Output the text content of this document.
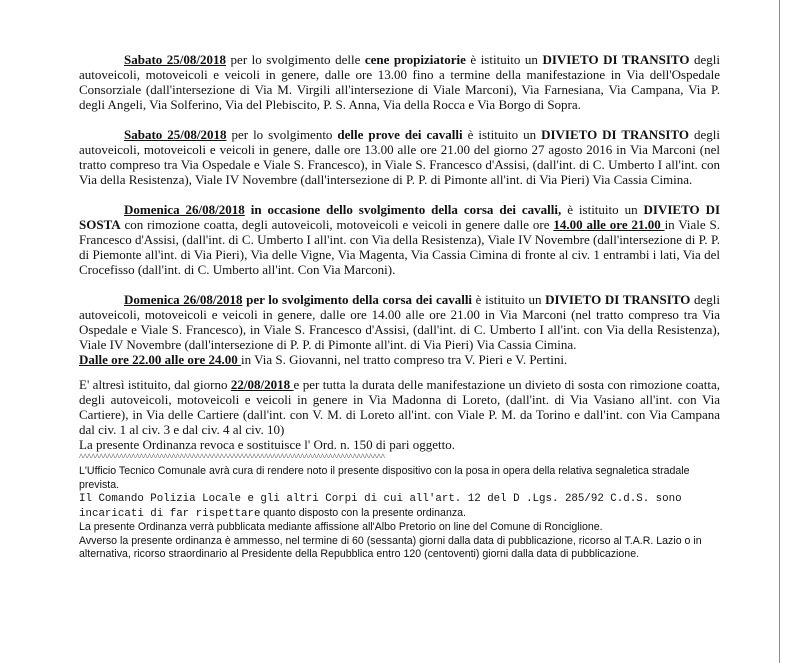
Sabato 25/08/2018 per lo svolgimento delle cene propiziatorie è istituito un DIVIETO DI TRANSITO degli autoveicoli, motoveicoli e veicoli in genere, dalle ore 13.00 fino a termine della manifestazione in Via dell'Ospedale Consorziale (dall'intersezione di Via M. Virgili all'intersezione di Viale Marconi), Via Farnesiana, Via Campana, Via P. degli Angeli, Via Solferino, Via del Plebiscito, P. S. Anna, Via della Rocca e Via Borgo di Sopra.

Sabato 25/08/2018 per lo svolgimento delle prove dei cavalli è istituito un DIVIETO DI TRANSITO degli autoveicoli, motoveicoli e veicoli in genere, dalle ore 13.00 alle ore 21.00 del giorno 27 agosto 2016 in Via Marconi (nel tratto compreso tra Via Ospedale e Viale S. Francesco), in Viale S. Francesco d'Assisi, (dall'int. di C. Umberto I all'int. con Via della Resistenza), Viale IV Novembre (dall'intersezione di P. P. di Pimonte all'int. di Via Pieri) Via Cassia Cimina.

Domenica 26/08/2018 in occasione dello svolgimento della corsa dei cavalli, è istituito un DIVIETO DI SOSTA con rimozione coatta, degli autoveicoli, motoveicoli e veicoli in genere dalle ore 14.00 alle ore 21.00 in Viale S. Francesco d'Assisi, (dall'int. di C. Umberto I all'int. con Via della Resistenza), Viale IV Novembre (dall'intersezione di P. P. di Piemonte all'int. di Via Pieri), Via delle Vigne, Via Magenta, Via Cassia Cimina di fronte al civ. 1 entrambi i lati, Via del Crocefisso (dall'int. di C. Umberto all'int. Con Via Marconi).

Domenica 26/08/2018 per lo svolgimento della corsa dei cavalli è istituito un DIVIETO DI TRANSITO degli autoveicoli, motoveicoli e veicoli in genere, dalle ore 14.00 alle ore 21.00 in Via Marconi (nel tratto compreso tra Via Ospedale e Viale S. Francesco), in Viale S. Francesco d'Assisi, (dall'int. di C. Umberto I all'int. con Via della Resistenza), Viale IV Novembre (dall'intersezione di P. P. di Pimonte all'int. di Via Pieri) Via Cassia Cimina.
Dalle ore 22.00 alle ore 24.00 in Via S. Giovanni, nel tratto compreso tra V. Pieri e V. Pertini.

E' altresì istituito, dal giorno 22/08/2018 e per tutta la durata delle manifestazione un divieto di sosta con rimozione coatta, degli autoveicoli, motoveicoli e veicoli in genere in Via Madonna di Loreto, (dall'int. di Via Vasiano all'int. con Via Cartiere), in Via delle Cartiere (dall'int. con V. M. di Loreto all'int. con Viale P. M. da Torino e dall'int. con Via Campana dal civ. 1 al civ. 3 e dal civ. 4 al civ. 10)
La presente Ordinanza revoca e sostituisce l' Ord. n. 150 di pari oggetto.

^^^^^^^^^^^^^^^^^^^^^^^^^^^^^^^^^^^^^^^^^^^^^^^^^^^^^^^^^^^^^^^^^^^^^^^^^^^^

L'Ufficio Tecnico Comunale avrà cura di rendere noto il presente dispositivo con la posa in opera della relativa segnaletica stradale prevista.

Il Comando Polizia Locale e gli altri Corpi di cui all'art. 12 del D .Lgs. 285/92 C.d.S. sono incaricati di far rispettare quanto disposto con la presente ordinanza.

La presente Ordinanza verrà pubblicata mediante affissione all'Albo Pretorio on line del Comune di Ronciglione.

Avverso la presente ordinanza è ammesso, nel termine di 60 (sessanta) giorni dalla data di pubblicazione, ricorso al T.A.R. Lazio o in alternativa, ricorso straordinario al Presidente della Repubblica entro 120 (centoventi) giorni dalla data di pubblicazione.
